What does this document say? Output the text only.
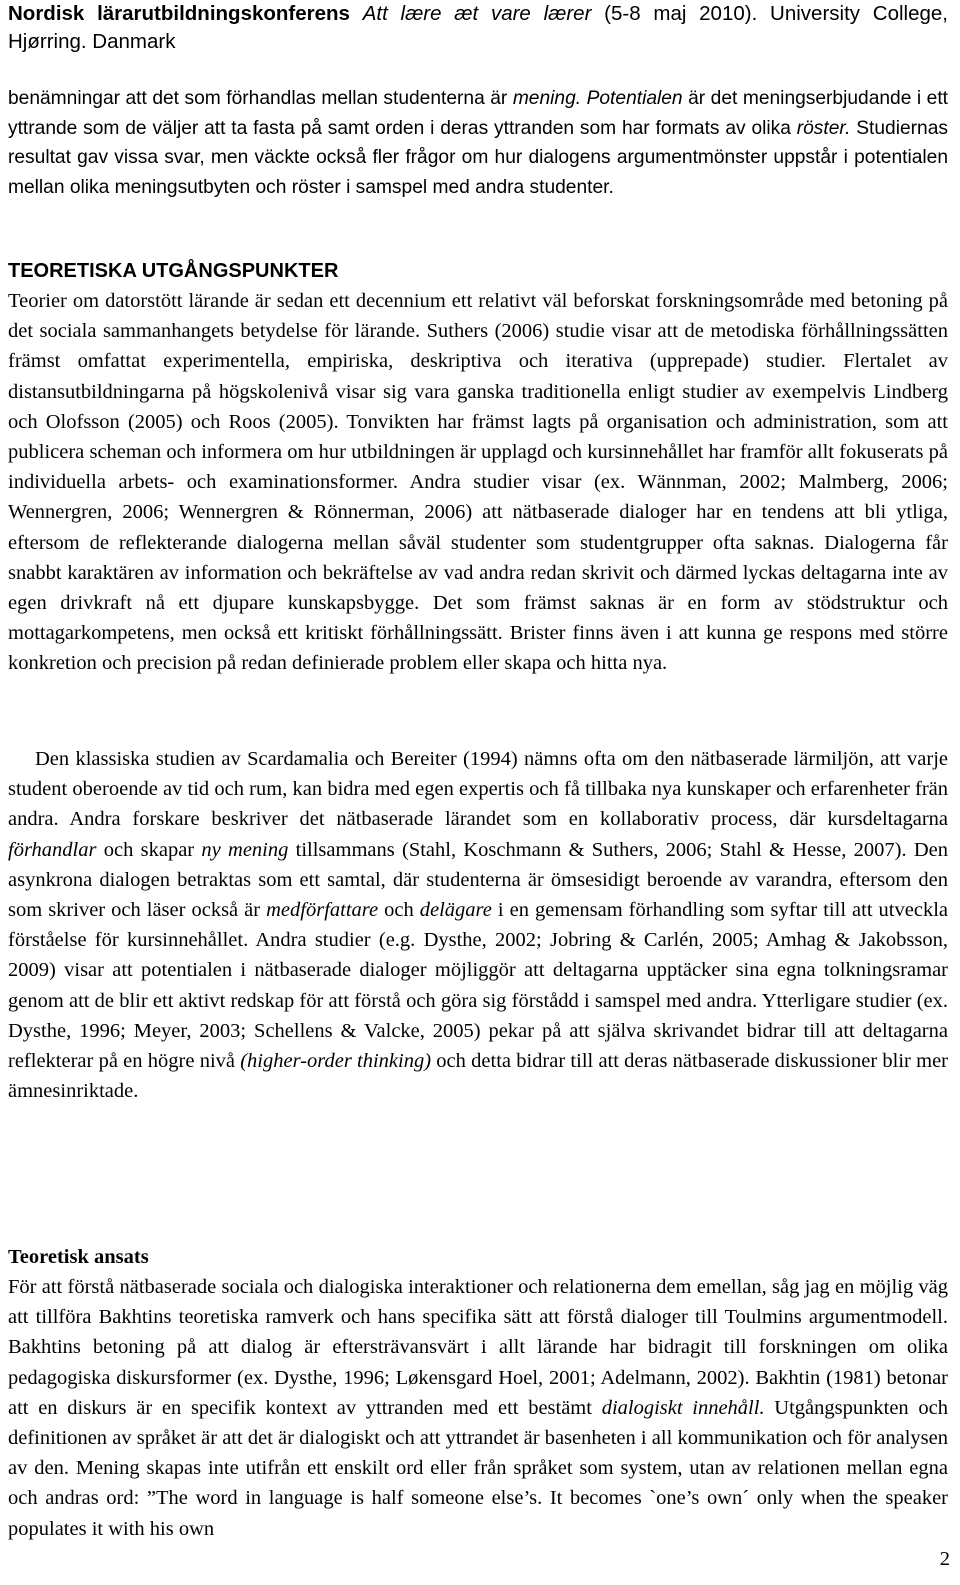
Nordisk lärarutbildningskonferens Att lære æt vare lærer (5-8 maj 2010). University College, Hjørring. Danmark

benämningar att det som förhandlas mellan studenterna är mening. Potentialen är det meningserbjudande i ett yttrande som de väljer att ta fasta på samt orden i deras yttranden som har formats av olika röster. Studiernas resultat gav vissa svar, men väckte också fler frågor om hur dialogens argumentmönster uppstår i potentialen mellan olika meningsutbyten och röster i samspel med andra studenter.

TEORETISKA UTGÅNGSPUNKTER

Teorier om datorstött lärande är sedan ett decennium ett relativt väl beforskat forskningsområde med betoning på det sociala sammanhangets betydelse för lärande. Suthers (2006) studie visar att de metodiska förhållningssätten främst omfattat experimentella, empiriska, deskriptiva och iterativa (upprepade) studier. Flertalet av distansutbildningarna på högskolenivå visar sig vara ganska traditionella enligt studier av exempelvis Lindberg och Olofsson (2005) och Roos (2005). Tonvikten har främst lagts på organisation och administration, som att publicera scheman och informera om hur utbildningen är upplagd och kursinnehållet har framför allt fokuserats på individuella arbets- och examinationsformer. Andra studier visar (ex. Wännman, 2002; Malmberg, 2006; Wennergren, 2006; Wennergren & Rönnerman, 2006) att nätbaserade dialoger har en tendens att bli ytliga, eftersom de reflekterande dialogerna mellan såväl studenter som studentgrupper ofta saknas. Dialogerna får snabbt karaktären av information och bekräftelse av vad andra redan skrivit och därmed lyckas deltagarna inte av egen drivkraft nå ett djupare kunskapsbygge. Det som främst saknas är en form av stödstruktur och mottagarkompetens, men också ett kritiskt förhållningssätt. Brister finns även i att kunna ge respons med större konkretion och precision på redan definierade problem eller skapa och hitta nya.

Den klassiska studien av Scardamalia och Bereiter (1994) nämns ofta om den nätbaserade lärmiljön, att varje student oberoende av tid och rum, kan bidra med egen expertis och få tillbaka nya kunskaper och erfarenheter frän andra. Andra forskare beskriver det nätbaserade lärandet som en kollaborativ process, där kursdeltagarna förhandlar och skapar ny mening tillsammans (Stahl, Koschmann & Suthers, 2006; Stahl & Hesse, 2007). Den asynkrona dialogen betraktas som ett samtal, där studenterna är ömsesidigt beroende av varandra, eftersom den som skriver och läser också är medförfattare och delägare i en gemensam förhandling som syftar till att utveckla förståelse för kursinnehållet. Andra studier (e.g. Dysthe, 2002; Jobring & Carlén, 2005; Amhag & Jakobsson, 2009) visar att potentialen i nätbaserade dialoger möjliggör att deltagarna upptäcker sina egna tolkningsramar genom att de blir ett aktivt redskap för att förstå och göra sig förstådd i samspel med andra. Ytterligare studier (ex. Dysthe, 1996; Meyer, 2003; Schellens & Valcke, 2005) pekar på att själva skrivandet bidrar till att deltagarna reflekterar på en högre nivå (higher-order thinking) och detta bidrar till att deras nätbaserade diskussioner blir mer ämnesinriktade.

Teoretisk ansats

För att förstå nätbaserade sociala och dialogiska interaktioner och relationerna dem emellan, såg jag en möjlig väg att tillföra Bakhtins teoretiska ramverk och hans specifika sätt att förstå dialoger till Toulmins argumentmodell. Bakhtins betoning på att dialog är eftersträvansvärt i allt lärande har bidragit till forskningen om olika pedagogiska diskursformer (ex. Dysthe, 1996; Løkensgard Hoel, 2001; Adelmann, 2002). Bakhtin (1981) betonar att en diskurs är en specifik kontext av yttranden med ett bestämt dialogiskt innehåll. Utgångspunkten och definitionen av språket är att det är dialogiskt och att yttrandet är basenheten i all kommunikation och för analysen av den. Mening skapas inte utifrån ett enskilt ord eller från språket som system, utan av relationen mellan egna och andras ord: ”The word in language is half someone else’s. It becomes `one’s own´ only when the speaker populates it with his own

2
